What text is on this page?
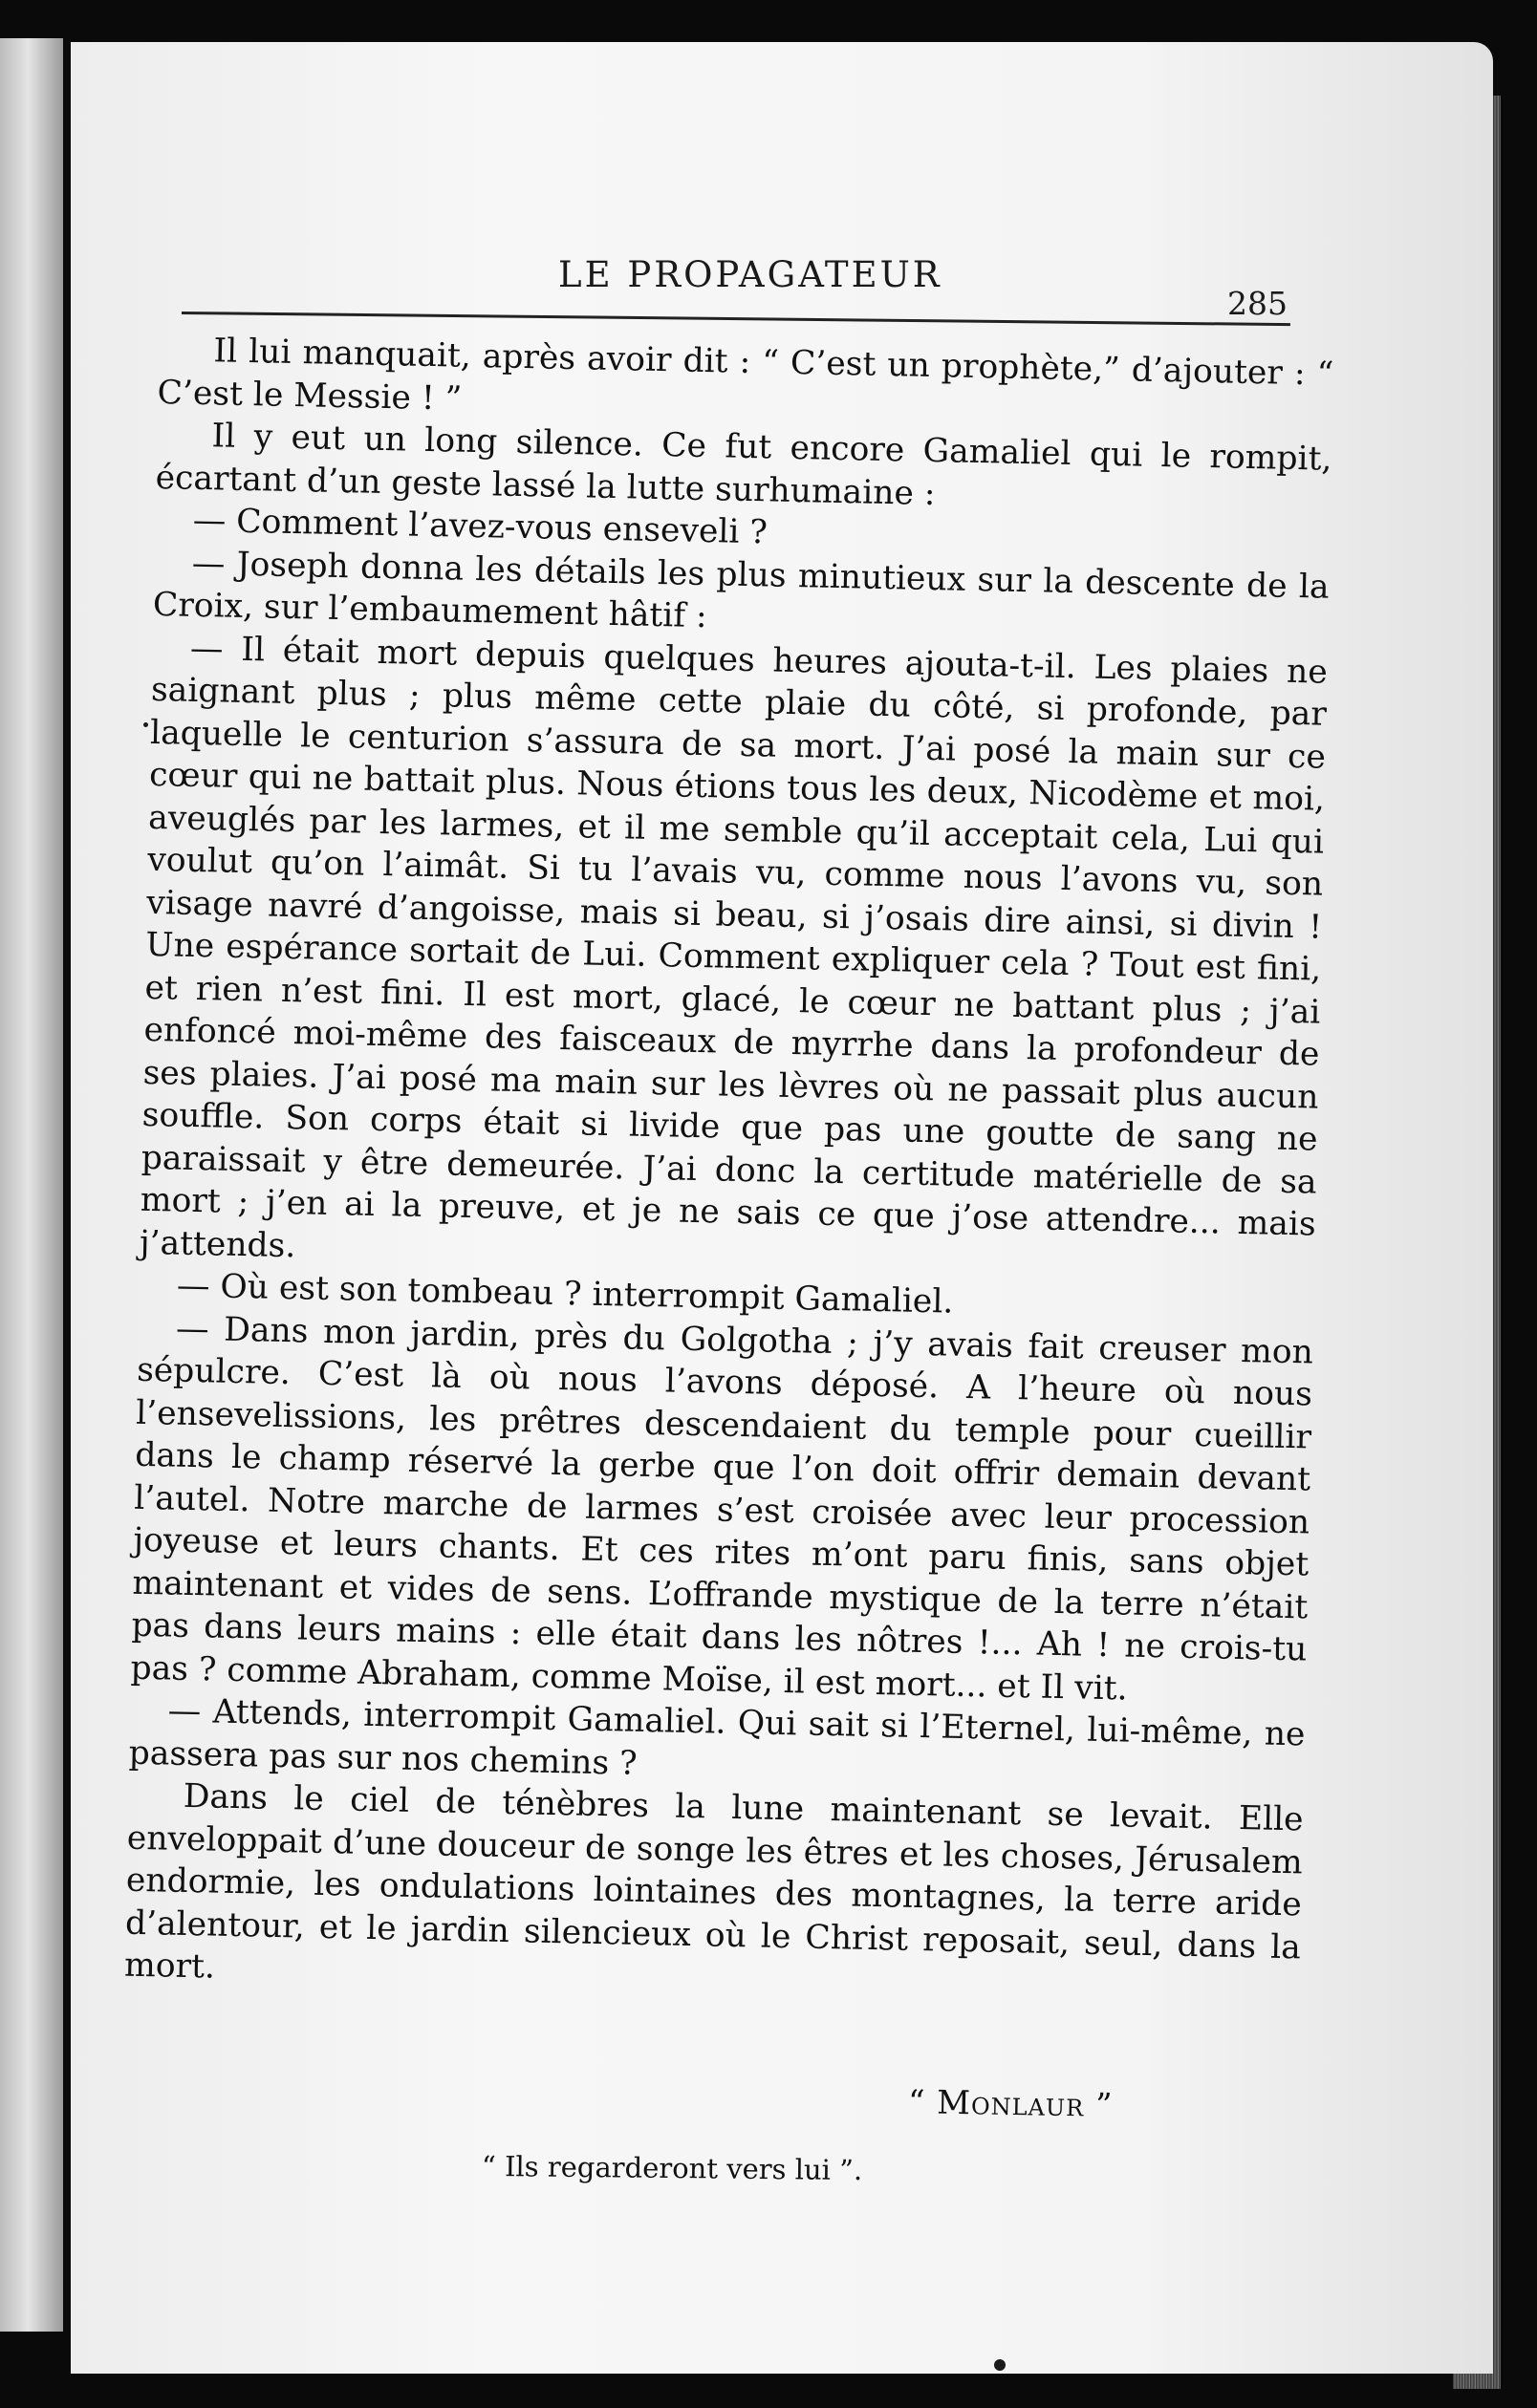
LE PROPAGATEUR
285

Il lui manquait, après avoir dit : “ C’est un prophète,” d’ajouter : “ C’est le Messie ! ”

Il y eut un long silence. Ce fut encore Gamaliel qui le rompit, écartant d’un geste lassé la lutte surhumaine :

— Comment l’avez-vous enseveli ?

— Joseph donna les détails les plus minutieux sur la descente de la Croix, sur l’embaumement hâtif :

— Il était mort depuis quelques heures ajouta-t-il. Les plaies ne saignant plus ; plus même cette plaie du côté, si profonde, par laquelle le centurion s’assura de sa mort. J’ai posé la main sur ce cœur qui ne battait plus. Nous étions tous les deux, Nicodème et moi, aveuglés par les larmes, et il me semble qu’il acceptait cela, Lui qui voulut qu’on l’aimât. Si tu l’avais vu, comme nous l’avons vu, son visage navré d’angoisse, mais si beau, si j’osais dire ainsi, si divin ! Une espérance sortait de Lui. Comment expliquer cela ? Tout est fini, et rien n’est fini. Il est mort, glacé, le cœur ne battant plus ; j’ai enfoncé moi-même des faisceaux de myrrhe dans la profondeur de ses plaies. J’ai posé ma main sur les lèvres où ne passait plus aucun souffle. Son corps était si livide que pas une goutte de sang ne paraissait y être demeurée. J’ai donc la certitude matérielle de sa mort ; j’en ai la preuve, et je ne sais ce que j’ose attendre... mais j’attends.

— Où est son tombeau ? interrompit Gamaliel.

— Dans mon jardin, près du Golgotha ; j’y avais fait creuser mon sépulcre. C’est là où nous l’avons déposé. A l’heure où nous l’ensevelissions, les prêtres descendaient du temple pour cueillir dans le champ réservé la gerbe que l’on doit offrir demain devant l’autel. Notre marche de larmes s’est croisée avec leur procession joyeuse et leurs chants. Et ces rites m’ont paru finis, sans objet maintenant et vides de sens. L’offrande mystique de la terre n’était pas dans leurs mains : elle était dans les nôtres !... Ah ! ne crois-tu pas ? comme Abraham, comme Moïse, il est mort... et Il vit.

— Attends, interrompit Gamaliel. Qui sait si l’Eternel, lui-même, ne passera pas sur nos chemins ?

Dans le ciel de ténèbres la lune maintenant se levait. Elle enveloppait d’une douceur de songe les êtres et les choses, Jérusalem endormie, les ondulations lointaines des montagnes, la terre aride d’alentour, et le jardin silencieux où le Christ reposait, seul, dans la mort.

“ Monlaur ”
“ Ils regarderont vers lui ”.
